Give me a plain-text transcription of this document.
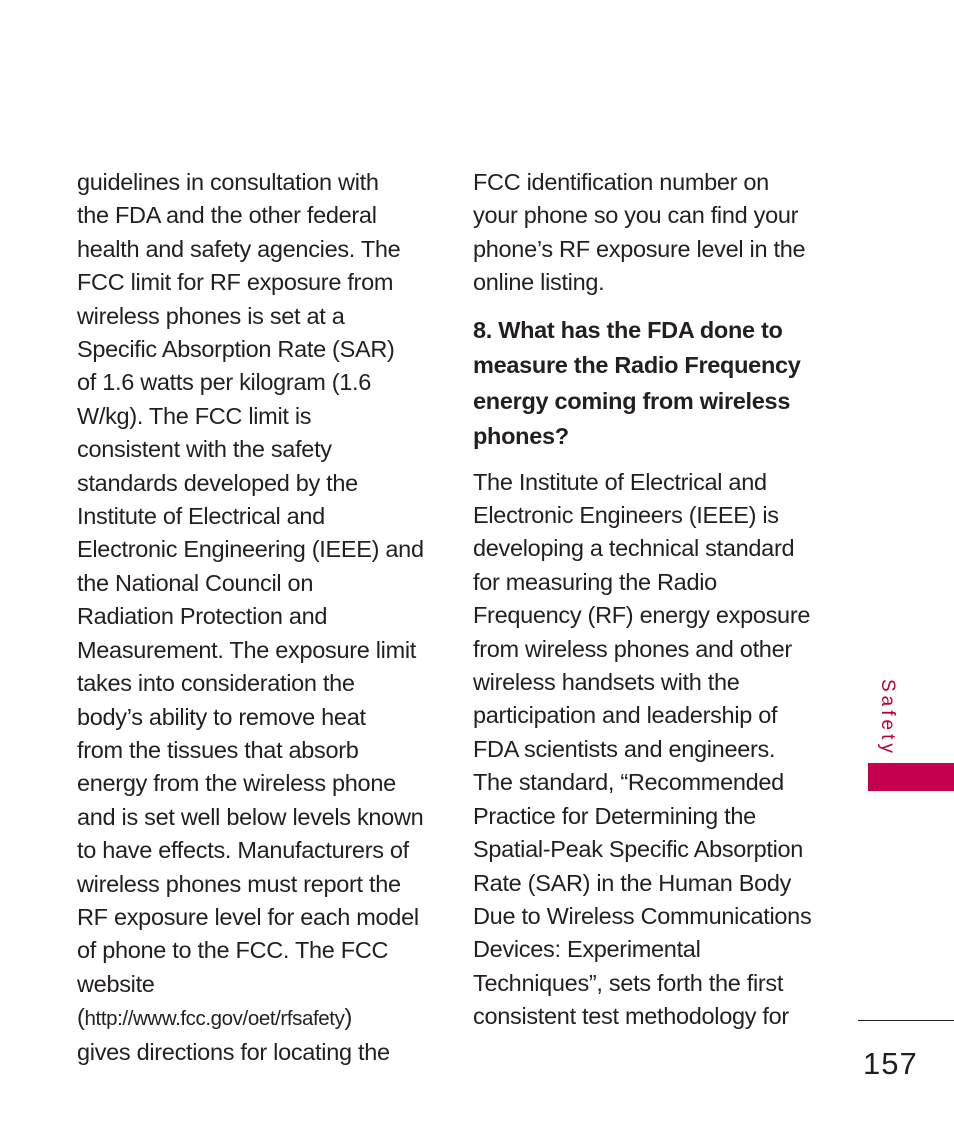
guidelines in consultation with
the FDA and the other federal
health and safety agencies. The
FCC limit for RF exposure from
wireless phones is set at a
Specific Absorption Rate (SAR)
of 1.6 watts per kilogram (1.6
W/kg). The FCC limit is
consistent with the safety
standards developed by the
Institute of Electrical and
Electronic Engineering (IEEE) and
the National Council on
Radiation Protection and
Measurement. The exposure limit
takes into consideration the
body’s ability to remove heat
from the tissues that absorb
energy from the wireless phone
and is set well below levels known
to have effects. Manufacturers of
wireless phones must report the
RF exposure level for each model
of phone to the FCC. The FCC
website
(http://www.fcc.gov/oet/rfsafety)
gives directions for locating the
FCC identification number on
your phone so you can find your
phone’s RF exposure level in the
online listing.
8. What has the FDA done to
measure the Radio Frequency
energy coming from wireless
phones?
The Institute of Electrical and
Electronic Engineers (IEEE) is
developing a technical standard
for measuring the Radio
Frequency (RF) energy exposure
from wireless phones and other
wireless handsets with the
participation and leadership of
FDA scientists and engineers.
The standard, “Recommended
Practice for Determining the
Spatial-Peak Specific Absorption
Rate (SAR) in the Human Body
Due to Wireless Communications
Devices: Experimental
Techniques”, sets forth the first
consistent test methodology for
Safety
157
